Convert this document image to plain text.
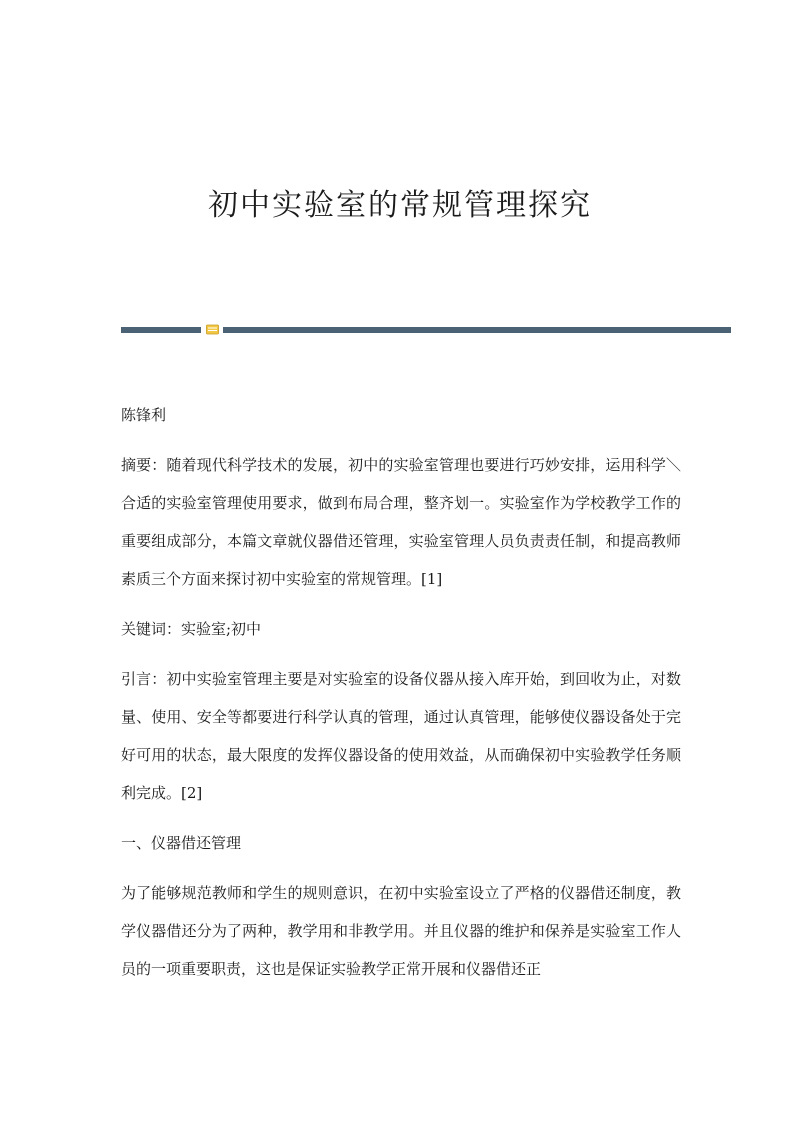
初中实验室的常规管理探究

陈锋利

摘要：随着现代科学技术的发展，初中的实验室管理也要进行巧妙安排，运用科学＼合适的实验室管理使用要求，做到布局合理，整齐划一。实验室作为学校教学工作的重要组成部分，本篇文章就仪器借还管理，实验室管理人员负责责任制，和提高教师素质三个方面来探讨初中实验室的常规管理。[1]

关键词：实验室;初中

引言：初中实验室管理主要是对实验室的设备仪器从接入库开始，到回收为止，对数量、使用、安全等都要进行科学认真的管理，通过认真管理，能够使仪器设备处于完好可用的状态，最大限度的发挥仪器设备的使用效益，从而确保初中实验教学任务顺利完成。[2]

一、仪器借还管理

为了能够规范教师和学生的规则意识，在初中实验室设立了严格的仪器借还制度，教学仪器借还分为了两种，教学用和非教学用。并且仪器的维护和保养是实验室工作人员的一项重要职责，这也是保证实验教学正常开展和仪器借还正
